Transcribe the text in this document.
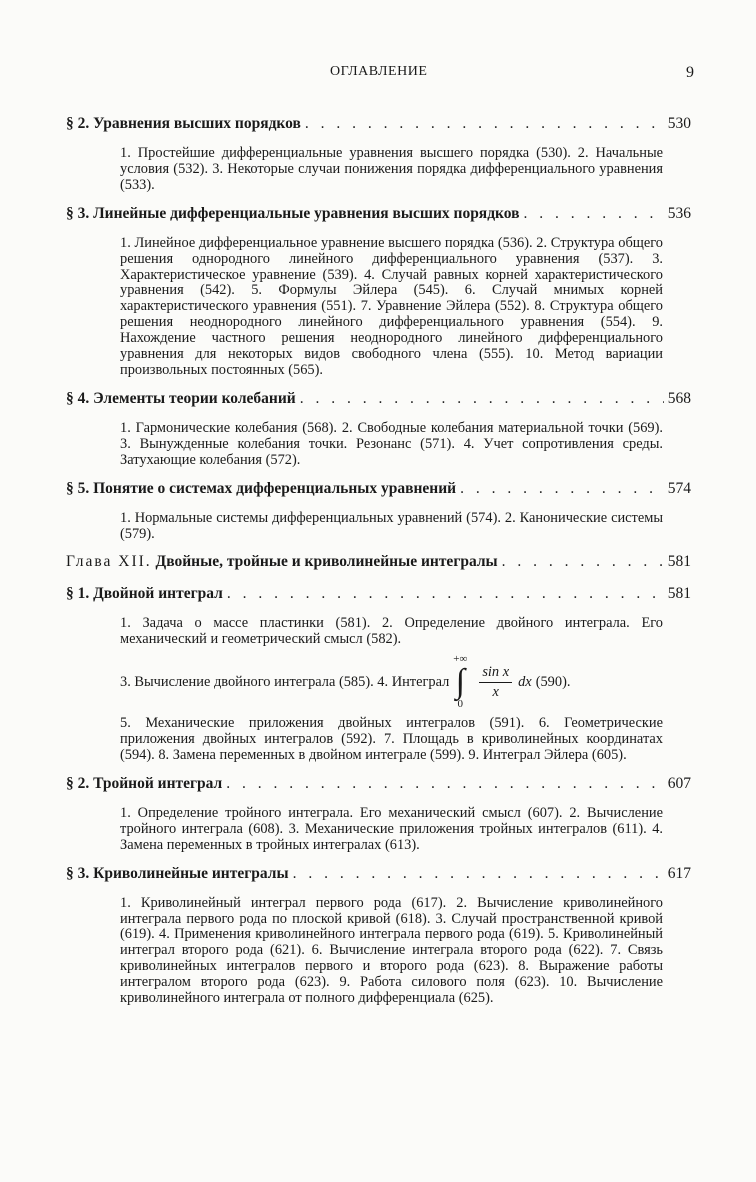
ОГЛАВЛЕНИЕ	9
§ 2. Уравнения высших порядков . . .	530
1. Простейшие дифференциальные уравнения высшего порядка (530). 2. Начальные условия (532). 3. Некоторые случаи понижения порядка дифференциального уравнения (533).
§ 3. Линейные дифференциальные уравнения высших порядков . . .	536
1. Линейное дифференциальное уравнение высшего порядка (536). 2. Структура общего решения однородного линейного дифференциального уравнения (537). 3. Характеристическое уравнение (539). 4. Случай равных корней характеристического уравнения (542). 5. Формулы Эйлера (545). 6. Случай мнимых корней характеристического уравнения (551). 7. Уравнение Эйлера (552). 8. Структура общего решения неоднородного линейного дифференциального уравнения (554). 9. Нахождение частного решения неоднородного линейного дифференциального уравнения для некоторых видов свободного члена (555). 10. Метод вариации произвольных постоянных (565).
§ 4. Элементы теории колебаний . . .	568
1. Гармонические колебания (568). 2. Свободные колебания материальной точки (569). 3. Вынужденные колебания точки. Резонанс (571). 4. Учет сопротивления среды. Затухающие колебания (572).
§ 5. Понятие о системах дифференциальных уравнений . . .	574
1. Нормальные системы дифференциальных уравнений (574). 2. Канонические системы (579).
Глава XII. Двойные, тройные и криволинейные интегралы . . .	581
§ 1. Двойной интеграл . . .	581
1. Задача о массе пластинки (581). 2. Определение двойного интеграла. Его механический и геометрический смысл (582).
3. Вычисление двойного интеграла (585). 4. Интеграл
+∞
∫
0
$\frac{\text{sin x}}{x}$ dx (590).
5. Механические приложения двойных интегралов (591). 6. Геометрические приложения двойных интегралов (592). 7. Площадь в криволинейных координатах (594). 8. Замена переменных в двойном интеграле (599). 9. Интеграл Эйлера (605).
§ 2. Тройной интеграл . . .	607
1. Определение тройного интеграла. Его механический смысл (607). 2. Вычисление тройного интеграла (608). 3. Механические приложения тройных интегралов (611). 4. Замена переменных в тройных интегралах (613).
§ 3. Криволинейные интегралы . . .	617
1. Криволинейный интеграл первого рода (617). 2. Вычисление криволинейного интеграла первого рода по плоской кривой (618). 3. Случай пространственной кривой (619). 4. Применения криволинейного интеграла первого рода (619). 5. Криволинейный интеграл второго рода (621). 6. Вычисление интеграла второго рода (622). 7. Связь криволинейных интегралов первого и второго рода (623). 8. Выражение работы интегралом второго рода (623). 9. Работа силового поля (623). 10. Вычисление криволинейного интеграла от полного дифференциала (625).
